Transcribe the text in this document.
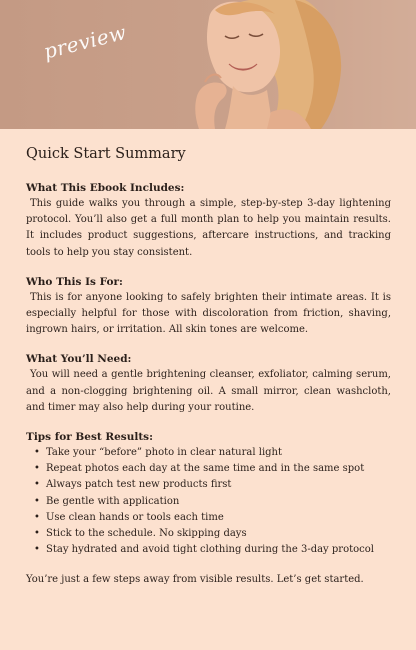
preview
Quick Start Summary
What This Ebook Includes:

This guide walks you through a simple, step-by-step 3-day lightening protocol. You’ll also get a full month plan to help you maintain results. It includes product suggestions, aftercare instructions, and tracking tools to help you stay consistent.

Who This Is For:

This is for anyone looking to safely brighten their intimate areas. It is especially helpful for those with discoloration from friction, shaving, ingrown hairs, or irritation. All skin tones are welcome.

What You’ll Need:

You will need a gentle brightening cleanser, exfoliator, calming serum, and a non-clogging brightening oil. A small mirror, clean washcloth, and timer may also help during your routine.

Tips for Best Results:
• Take your “before” photo in clear natural light
• Repeat photos each day at the same time and in the same spot
• Always patch test new products first
• Be gentle with application
• Use clean hands or tools each time
• Stick to the schedule. No skipping days
• Stay hydrated and avoid tight clothing during the 3-day protocol

You’re just a few steps away from visible results. Let’s get started.
